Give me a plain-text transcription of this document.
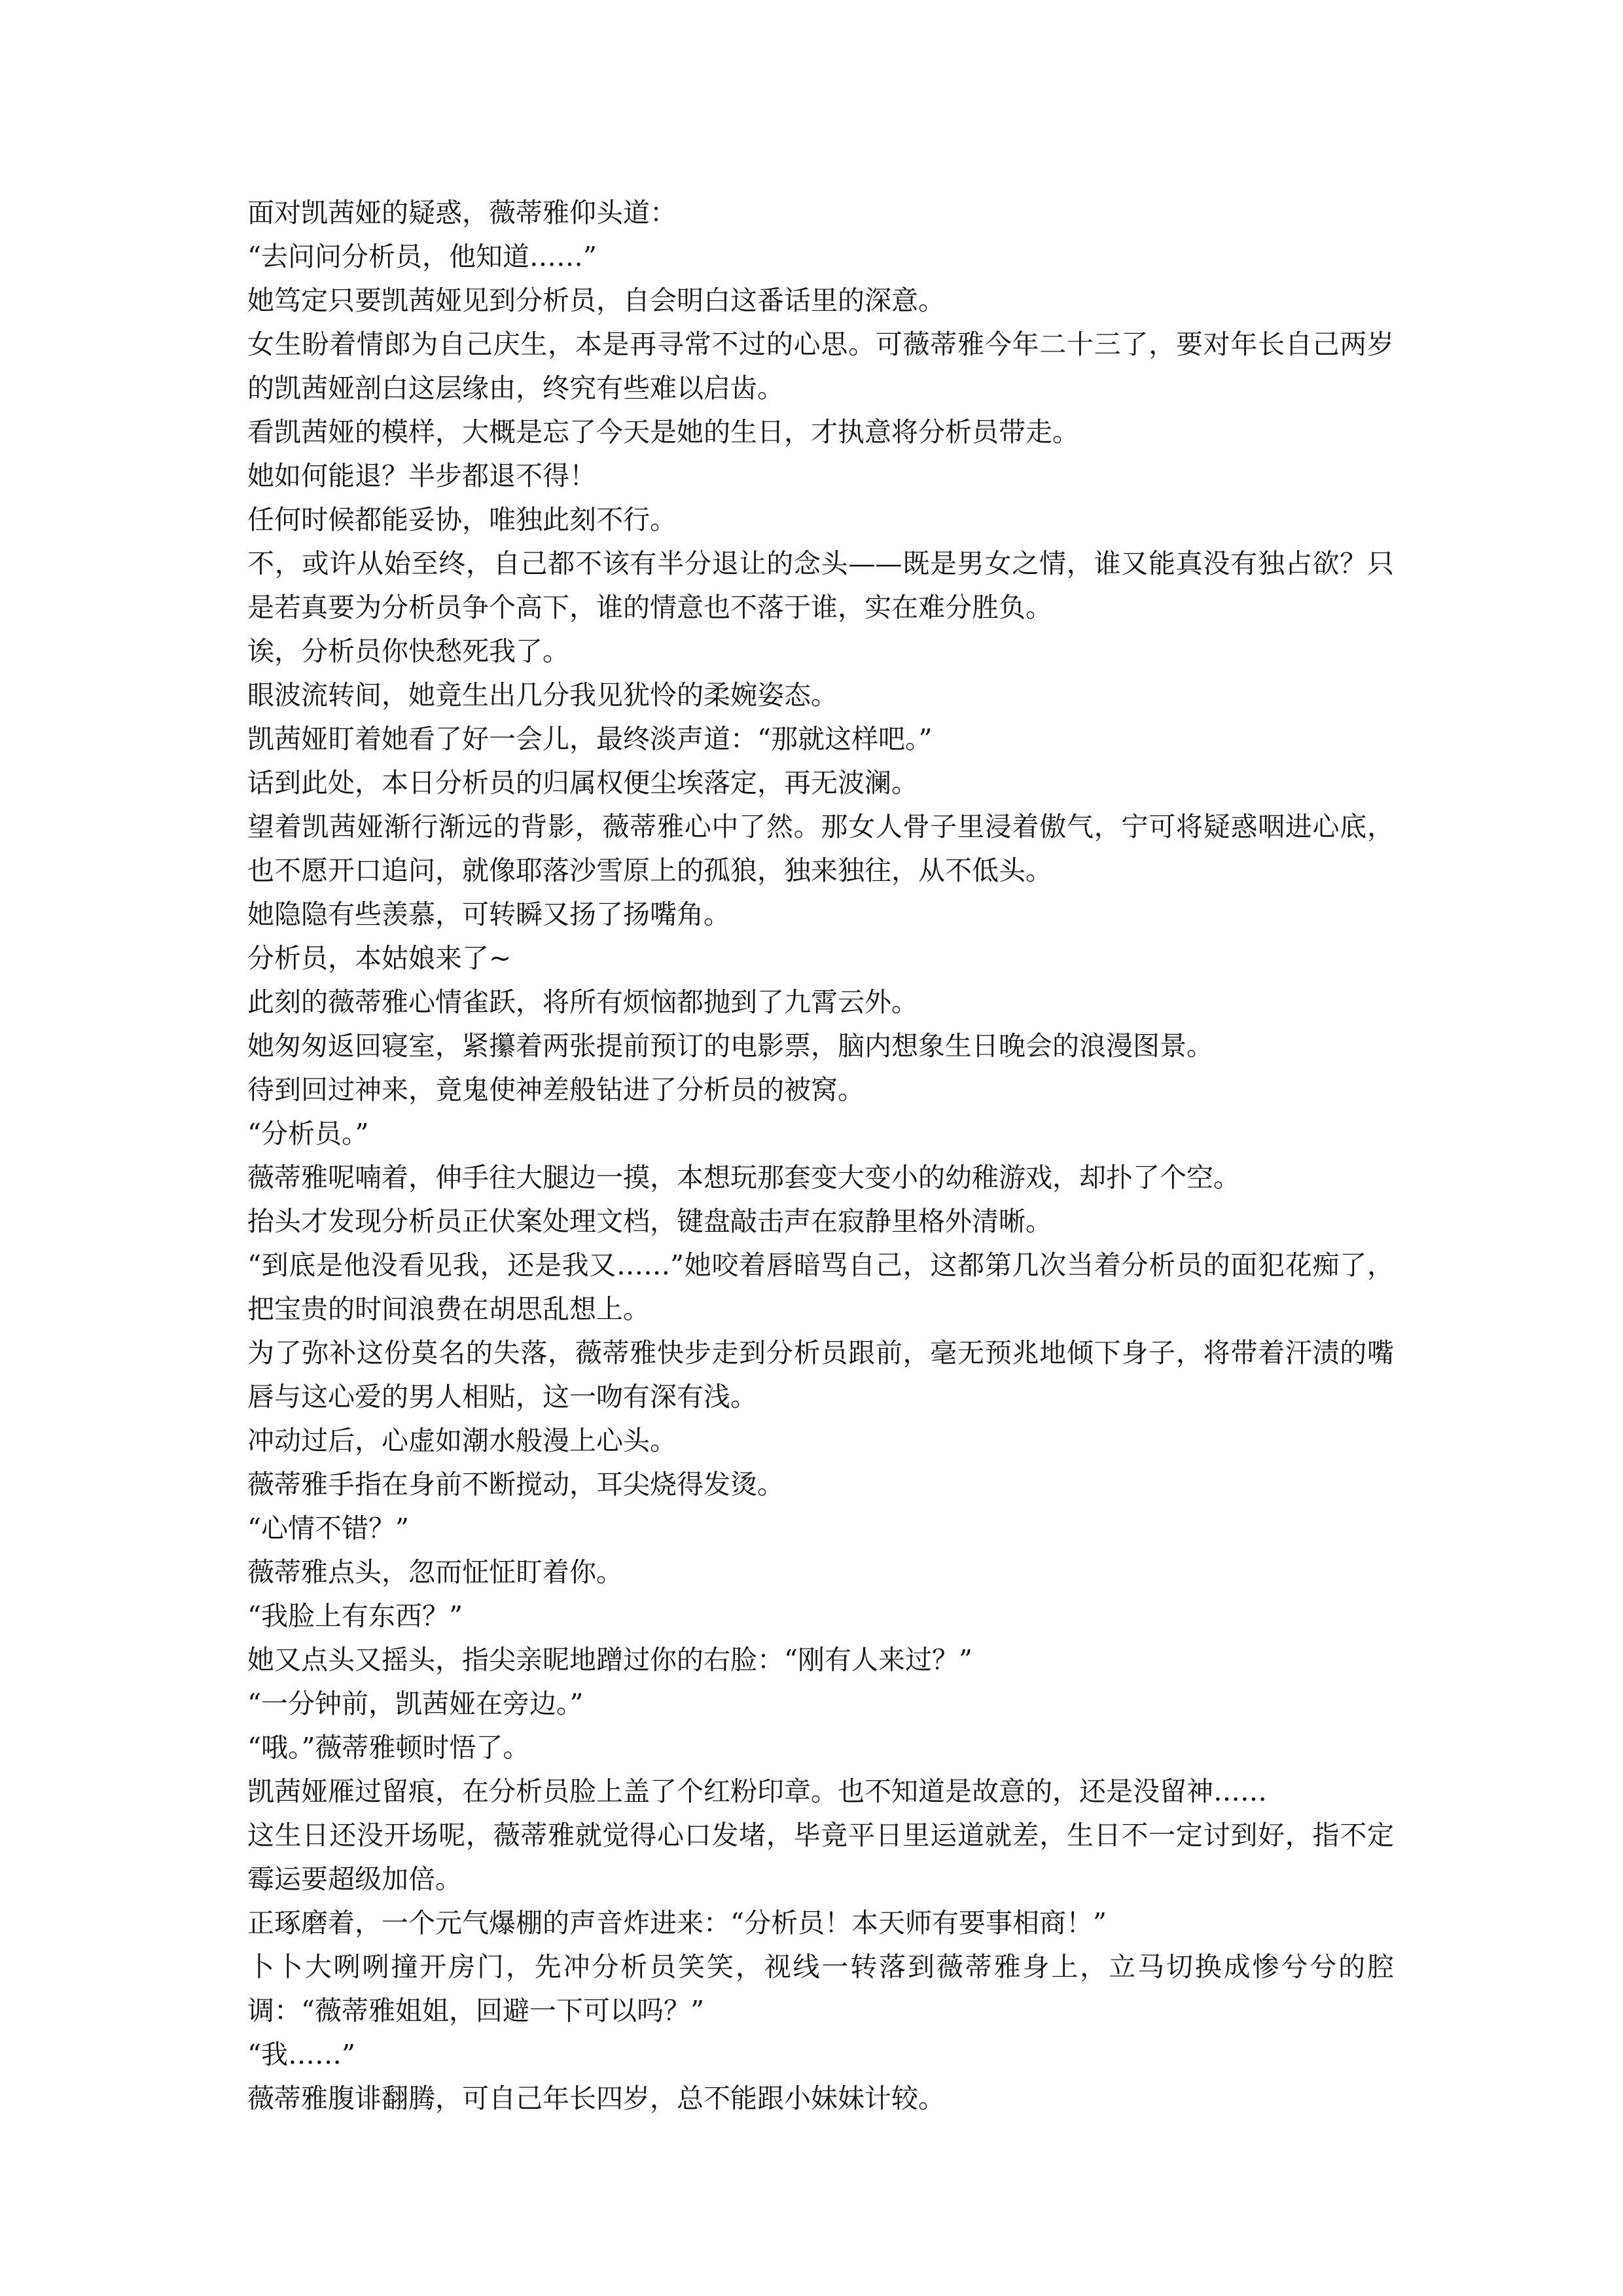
面对凯茜娅的疑惑，薇蒂雅仰头道：

“去问问分析员，他知道……”

她笃定只要凯茜娅见到分析员，自会明白这番话里的深意。

女生盼着情郎为自己庆生，本是再寻常不过的心思。可薇蒂雅今年二十三了，要对年长自己两岁的凯茜娅剖白这层缘由，终究有些难以启齿。

看凯茜娅的模样，大概是忘了今天是她的生日，才执意将分析员带走。

她如何能退？半步都退不得！

任何时候都能妥协，唯独此刻不行。

不，或许从始至终，自己都不该有半分退让的念头——既是男女之情，谁又能真没有独占欲？只是若真要为分析员争个高下，谁的情意也不落于谁，实在难分胜负。

诶，分析员你快愁死我了。

眼波流转间，她竟生出几分我见犹怜的柔婉姿态。

凯茜娅盯着她看了好一会儿，最终淡声道：“那就这样吧。”

话到此处，本日分析员的归属权便尘埃落定，再无波澜。

望着凯茜娅渐行渐远的背影，薇蒂雅心中了然。那女人骨子里浸着傲气，宁可将疑惑咽进心底，也不愿开口追问，就像耶落沙雪原上的孤狼，独来独往，从不低头。

她隐隐有些羡慕，可转瞬又扬了扬嘴角。

分析员，本姑娘来了~

此刻的薇蒂雅心情雀跃，将所有烦恼都抛到了九霄云外。

她匆匆返回寝室，紧攥着两张提前预订的电影票，脑内想象生日晚会的浪漫图景。

待到回过神来，竟鬼使神差般钻进了分析员的被窝。

“分析员。”

薇蒂雅呢喃着，伸手往大腿边一摸，本想玩那套变大变小的幼稚游戏，却扑了个空。

抬头才发现分析员正伏案处理文档，键盘敲击声在寂静里格外清晰。

“到底是他没看见我，还是我又……”她咬着唇暗骂自己，这都第几次当着分析员的面犯花痴了，把宝贵的时间浪费在胡思乱想上。

为了弥补这份莫名的失落，薇蒂雅快步走到分析员跟前，毫无预兆地倾下身子，将带着汗渍的嘴唇与这心爱的男人相贴，这一吻有深有浅。

冲动过后，心虚如潮水般漫上心头。

薇蒂雅手指在身前不断搅动，耳尖烧得发烫。

“心情不错？”

薇蒂雅点头，忽而怔怔盯着你。

“我脸上有东西？”

她又点头又摇头，指尖亲昵地蹭过你的右脸：“刚有人来过？”

“一分钟前，凯茜娅在旁边。”

“哦。”薇蒂雅顿时悟了。

凯茜娅雁过留痕，在分析员脸上盖了个红粉印章。也不知道是故意的，还是没留神……

这生日还没开场呢，薇蒂雅就觉得心口发堵，毕竟平日里运道就差，生日不一定讨到好，指不定霉运要超级加倍。

正琢磨着，一个元气爆棚的声音炸进来：“分析员！本天师有要事相商！”

卜卜大咧咧撞开房门，先冲分析员笑笑，视线一转落到薇蒂雅身上，立马切换成惨兮兮的腔调：“薇蒂雅姐姐，回避一下可以吗？”

“我……”

薇蒂雅腹诽翻腾，可自己年长四岁，总不能跟小妹妹计较。
